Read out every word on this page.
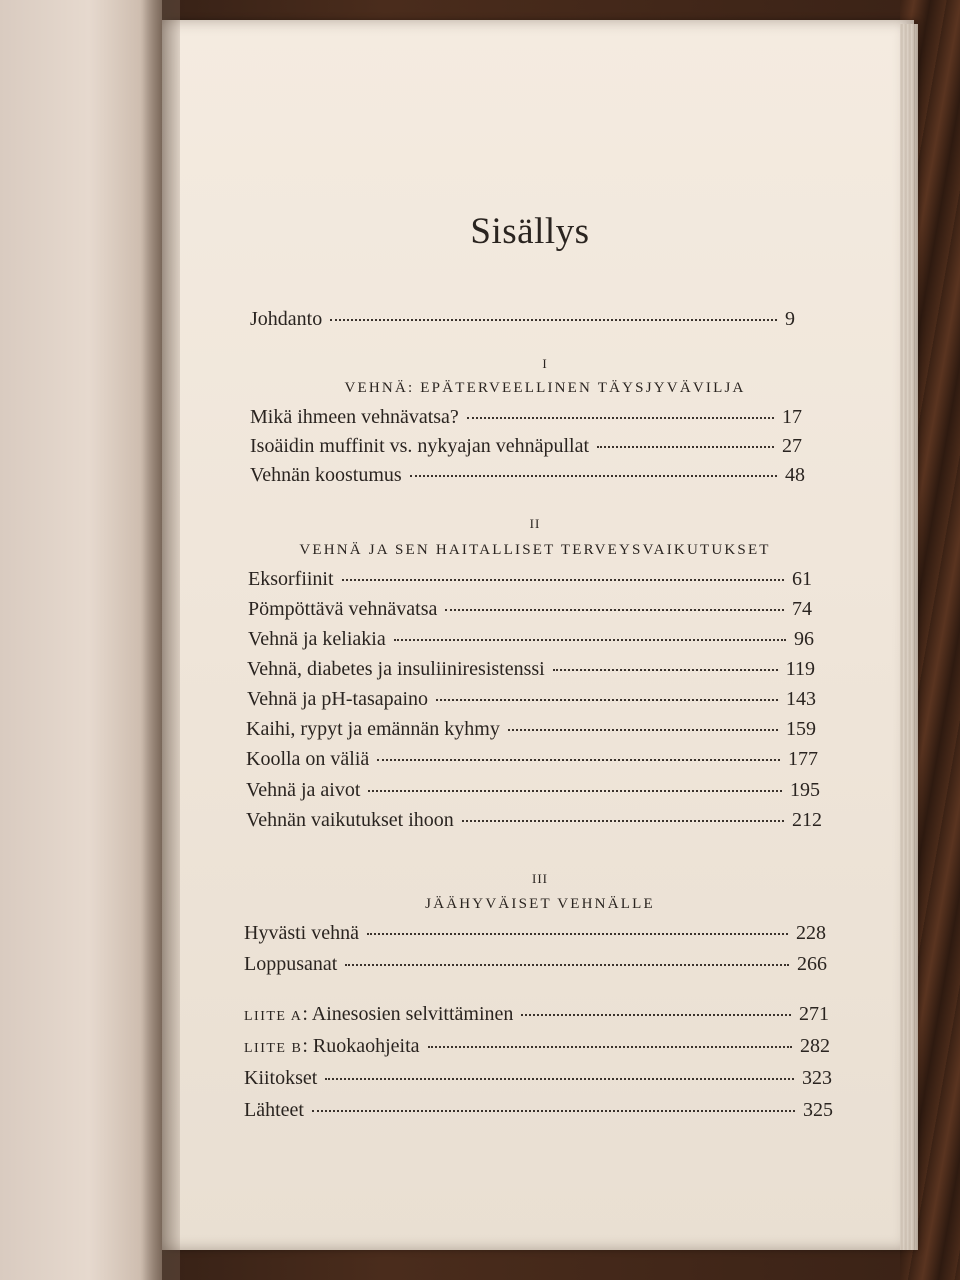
Sisällys
Johdanto	9
I
VEHNÄ: EPÄTERVEELLINEN TÄYSJYVÄVILJA
Mikä ihmeen vehnävatsa?	17
Isoäidin muffinit vs. nykyajan vehnäpullat	27
Vehnän koostumus	48
II
VEHNÄ JA SEN HAITALLISET TERVEYSVAIKUTUKSET
Eksorfiinit	61
Pömpöttävä vehnävatsa	74
Vehnä ja keliakia	96
Vehnä, diabetes ja insuliiniresistenssi	119
Vehnä ja pH-tasapaino	143
Kaihi, rypyt ja emännän kyhmy	159
Koolla on väliä	177
Vehnä ja aivot	195
Vehnän vaikutukset ihoon	212
III
JÄÄHYVÄISET VEHNÄLLE
Hyvästi vehnä	228
Loppusanat	266
LIITE A: Ainesosien selvittäminen	271
LIITE B: Ruokaohjeita	282
Kiitokset	323
Lähteet	325
